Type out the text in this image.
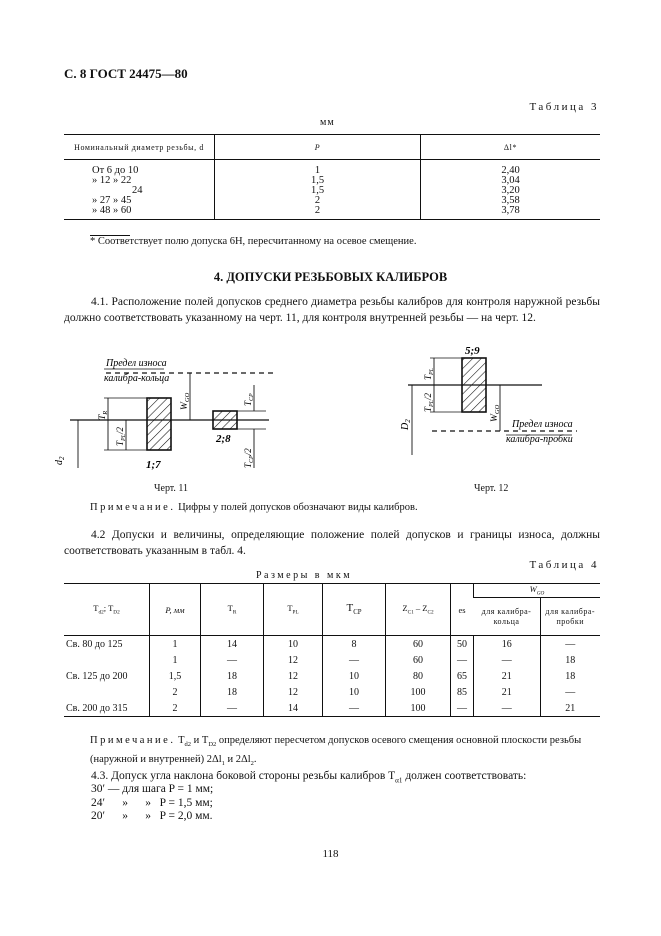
С. 8 ГОСТ 24475—80
Таблица 3
мм
Номинальный диаметр резьбы, d	P	Δl*
От 6 до 10	1	2,40
» 12 » 22	1,5	3,04
24	1,5	3,20
» 27 » 45	2	3,58
» 48 » 60	2	3,78
* Соответствует полю допуска 6Н, пересчитанному на осевое смещение.
4. ДОПУСКИ РЕЗЬБОВЫХ КАЛИБРОВ
4.1. Расположение полей допусков среднего диаметра резьбы калибров для контроля наружной резьбы должно соответствовать указанному на черт. 11, для контроля внутренней резьбы — на черт. 12.
Предел износа
калибра-кольца
$d_2$
1;7
$T_R$
$T_{PL}/2$
$W_{GO}$
2;8
$T_{CP}$
$T_{CP}/2$
5;9
Предел износа
калибра-пробки
$D_2$
$T_{PL}$
$T_{PL}/2$
$W_{GO}$
Черт. 11	Черт. 12
Примечание. Цифры у полей допусков обозначают виды калибров.
4.2 Допуски и величины, определяющие положение полей допусков и границы износа, должны соответствовать указанным в табл. 4.
Таблица 4
Размеры в мкм
$T_{d2}$; $T_{D2}$	P, мм	$T_R$	$T_{PL}$	$T_{CP}$	$Z_{C1} - Z_{C2}$	es	$W_{GO}$
							для калибра-кольца	для калибра-пробки
Св. 80 до 125	1	14	10	8	60	50	16	—
	1	—	12	—	60	—	—	18
Св. 125 до 200	1,5	18	12	10	80	65	21	18
	2	18	12	10	100	85	21	—
Св. 200 до 315	2	—	14	—	100	—	—	21
Примечание. $T_{d2}$ и $T_{D2}$ определяют пересчетом допусков осевого смещения основной плоскости резьбы (наружной и внутренней) $2\Delta l_1$ и $2\Delta l_2$.
4.3. Допуск угла наклона боковой стороны резьбы калибров $T_{\alpha 1}$ должен соответствовать:
30′ — для шага P = 1 мм;
24′      »      »   P = 1,5 мм;
20′      »      »   P = 2,0 мм.
118
